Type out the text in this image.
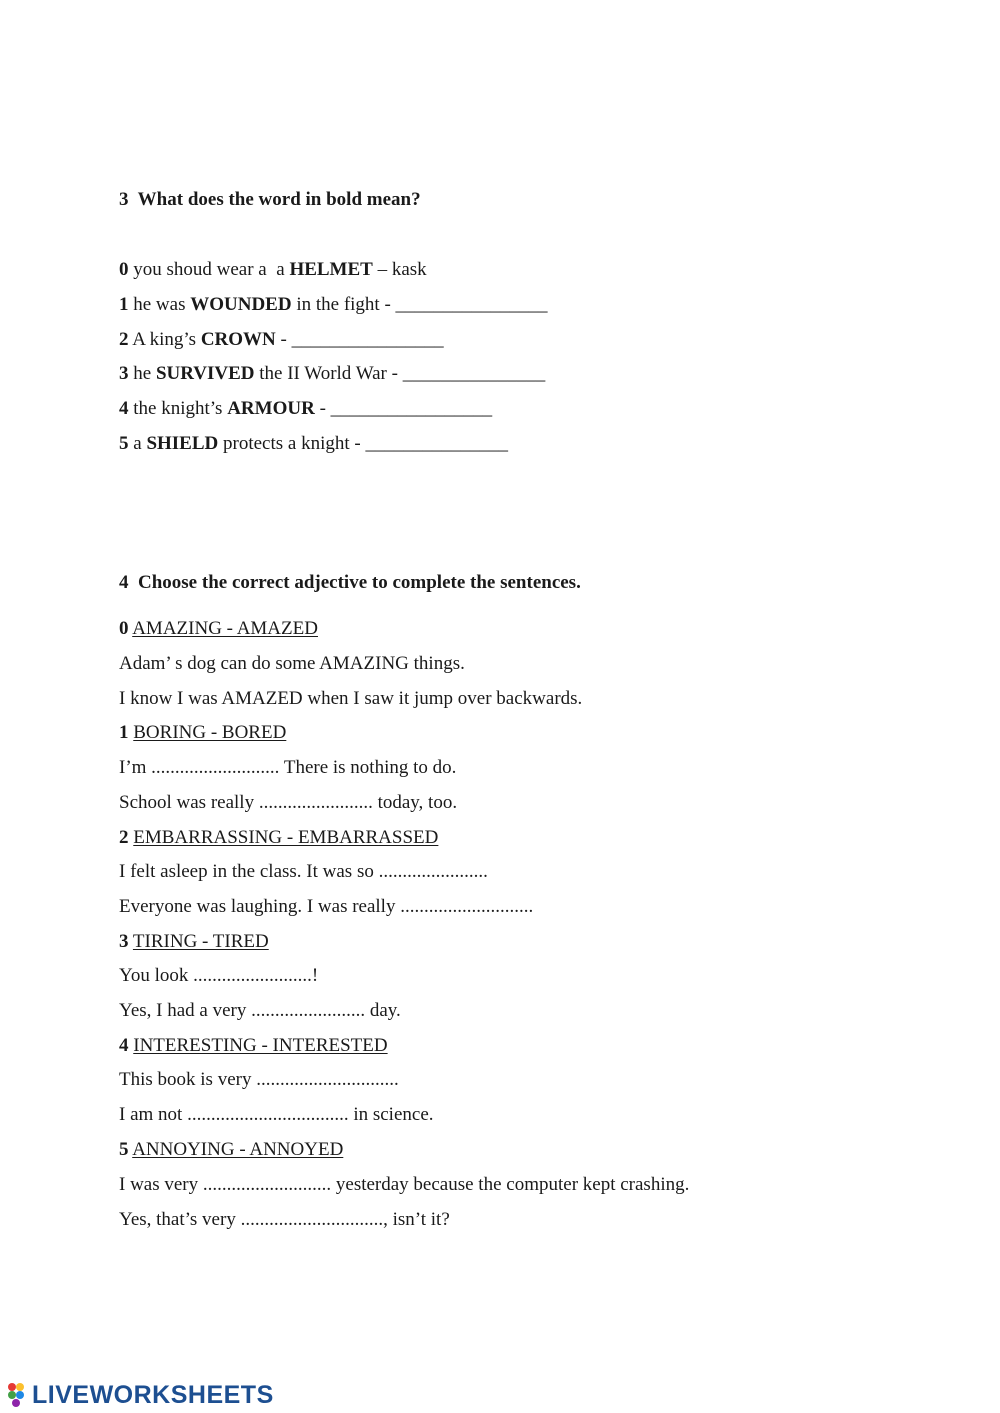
3 What does the word in bold mean?
0 you shoud wear a  a HELMET – kask
1 he was WOUNDED in the fight - ________________
2 A king’s CROWN - ________________
3 he SURVIVED the II World War - _______________
4 the knight’s ARMOUR - _________________
5 a SHIELD protects a knight - _______________
4 Choose the correct adjective to complete the sentences.
0 AMAZING - AMAZED
Adam’ s dog can do some AMAZING things.
I know I was AMAZED when I saw it jump over backwards.
1 BORING - BORED
I’m ........................... There is nothing to do.
School was really ........................ today, too.
2 EMBARRASSING - EMBARRASSED
I felt asleep in the class. It was so .......................
Everyone was laughing. I was really ............................
3 TIRING - TIRED
You look .........................!
Yes, I had a very ........................ day.
4 INTERESTING - INTERESTED
This book is very ..............................
I am not .................................. in science.
5 ANNOYING - ANNOYED
I was very ........................... yesterday because the computer kept crashing.
Yes, that’s very .............................., isn’t it?
LIVEWORKSHEETS
